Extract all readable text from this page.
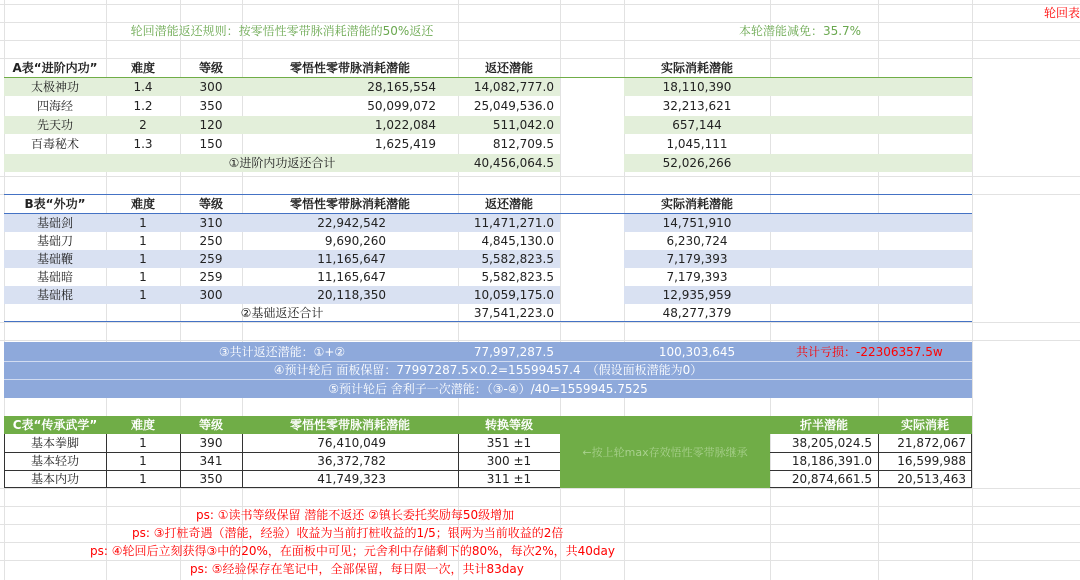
轮回潜能返还规则：按零悟性零带脉消耗潜能的50%返还	本轮潜能减免：35.7%
轮回表
A表“进阶内功”	难度	等级	零悟性零带脉消耗潜能	返还潜能	实际消耗潜能
太极神功	1.4	300	28,165,554	14,082,777.0	18,110,390
四海经	1.2	350	50,099,072	25,049,536.0	32,213,621
先天功	2	120	1,022,084	511,042.0	657,144
百毒秘术	1.3	150	1,625,419	812,709.5	1,045,111
①进阶内功返还合计	40,456,064.5	52,026,266
B表“外功”	难度	等级	零悟性零带脉消耗潜能	返还潜能	实际消耗潜能
基础剑	1	310	22,942,542	11,471,271.0	14,751,910
基础刀	1	250	9,690,260	4,845,130.0	6,230,724
基础鞭	1	259	11,165,647	5,582,823.5	7,179,393
基础暗	1	259	11,165,647	5,582,823.5	7,179,393
基础棍	1	300	20,118,350	10,059,175.0	12,935,959
②基础返还合计	37,541,223.0	48,277,379
③共计返还潜能：①+②	77,997,287.5	100,303,645	共计亏损：-22306357.5w
④预计轮后 面板保留：77997287.5×0.2=15599457.4　（假设面板潜能为0）
⑤预计轮后 舍利子一次潜能：（③-④）/40=1559945.7525
C表“传承武学”	难度	等级	零悟性零带脉消耗潜能	转换等级	折半潜能	实际消耗
←按上轮max存效悟性零带脉继承
基本拳脚	1	390	76,410,049	351 ±1	38,205,024.5	21,872,067
基本轻功	1	341	36,372,782	300 ±1	18,186,391.0	16,599,988
基本内功	1	350	41,749,323	311 ±1	20,874,661.5	20,513,463
ps: ①读书等级保留 潜能不返还 ②镇长委托奖励每50级增加
ps: ③打桩奇遇（潜能，经验）收益为当前打桩收益的1/5；银两为当前收益的2倍
ps: ④轮回后立刻获得③中的20%，在面板中可见；元舍利中存储剩下的80%，每次2%，共40day
ps: ⑤经验保存在笔记中，全部保留，每日限一次，共计83day
